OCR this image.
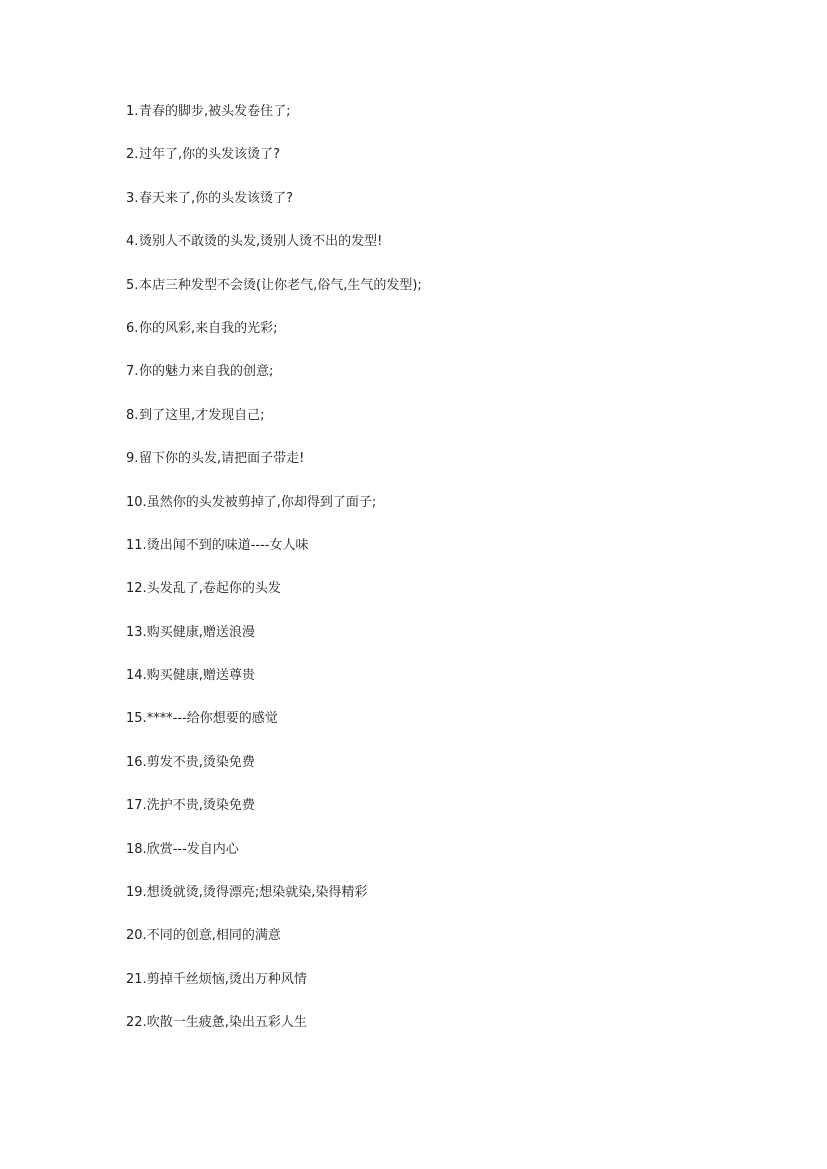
1.青春的脚步,被头发卷住了;
2.过年了,你的头发该烫了?
3.春天来了,你的头发该烫了?
4.烫别人不敢烫的头发,烫别人烫不出的发型!
5.本店三种发型不会烫(让你老气,俗气,生气的发型);
6.你的风彩,来自我的光彩;
7.你的魅力来自我的创意;
8.到了这里,才发现自己;
9.留下你的头发,请把面子带走!
10.虽然你的头发被剪掉了,你却得到了面子;
11.烫出闻不到的味道----女人味
12.头发乱了,卷起你的头发
13.购买健康,赠送浪漫
14.购买健康,赠送尊贵
15.****---给你想要的感觉
16.剪发不贵,烫染免费
17.洗护不贵,烫染免费
18.欣赏---发自内心
19.想烫就烫,烫得漂亮;想染就染,染得精彩
20.不同的创意,相同的满意
21.剪掉千丝烦恼,烫出万种风情
22.吹散一生疲惫,染出五彩人生
